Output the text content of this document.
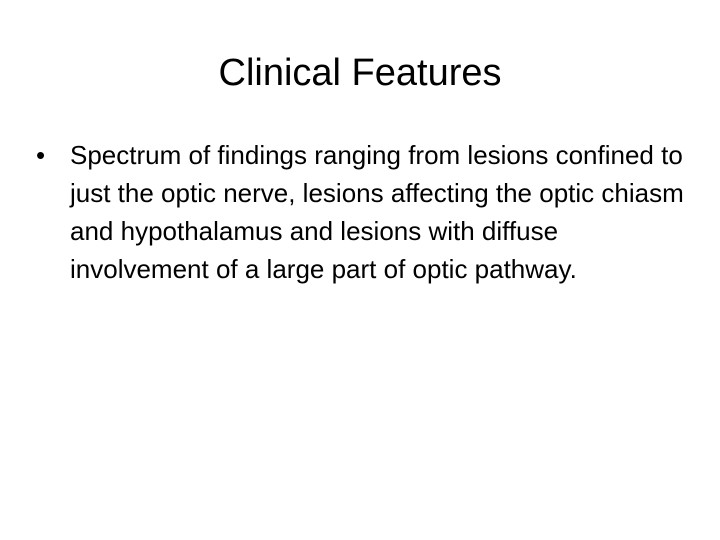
Clinical Features
• Spectrum of findings ranging from lesions confined to just the optic nerve, lesions affecting the optic chiasm and hypothalamus and lesions with diffuse involvement of a large part of optic pathway.
